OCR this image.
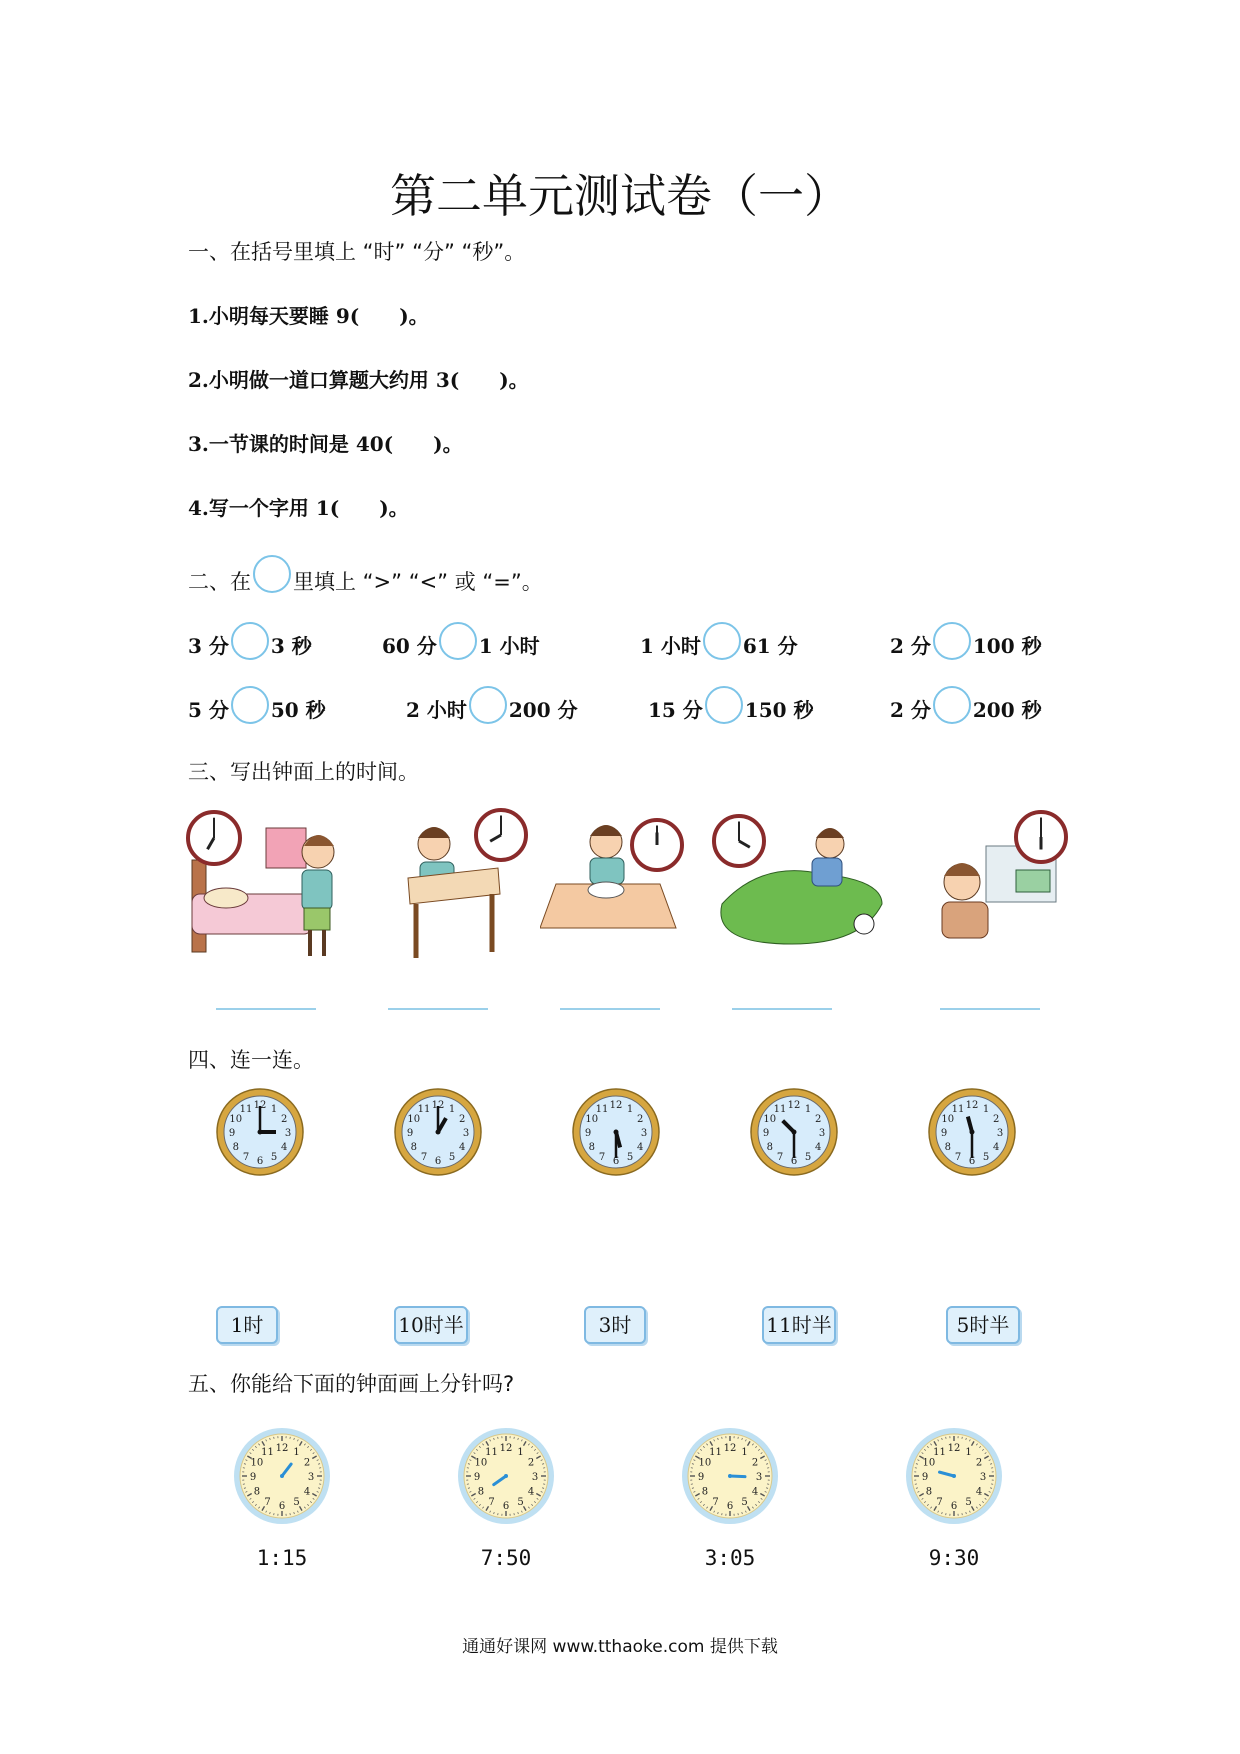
第二单元测试卷（一）
一、在括号里填上 “时” “分” “秒”。
1.小明每天要睡 9(　　)。
2.小明做一道口算题大约用 3(　　)。
3.一节课的时间是 40(　　)。
4.写一个字用 1(　　)。
二、在 里填上 “>” “<” 或 “=”。
3 分 3 秒	60 分 1 小时	1 小时 61 分	2 分 100 秒
5 分 50 秒	2 小时 200 分	15 分 150 秒	2 分 200 秒
三、写出钟面上的时间。
四、连一连。
1
2
3
4
5
6
7
8
9
10
11 12	1
2
3
4
5
6
7
8
9
10
11 12	1
2
3
4
5
6
7
8
9
10
11 12	1
2
3
4
5
6
7
8
9
10
11 12	1
2
3
4
5
6
7
8
9
10
11 12
1时	10时半	3时	11时半	5时半
五、你能给下面的钟面画上分针吗?
1
2
3
4
5
6
7
8
9
10
11 12	1
2
3
4
5
6
7
8
9
10
11 12	1
2
3
4
5
6
7
8
9
10
11 12	1
2
3
4
5
6
7
8
9
10
11 12
1:15	7:50	3:05	9:30
通通好课网 www.tthaoke.com 提供下载
